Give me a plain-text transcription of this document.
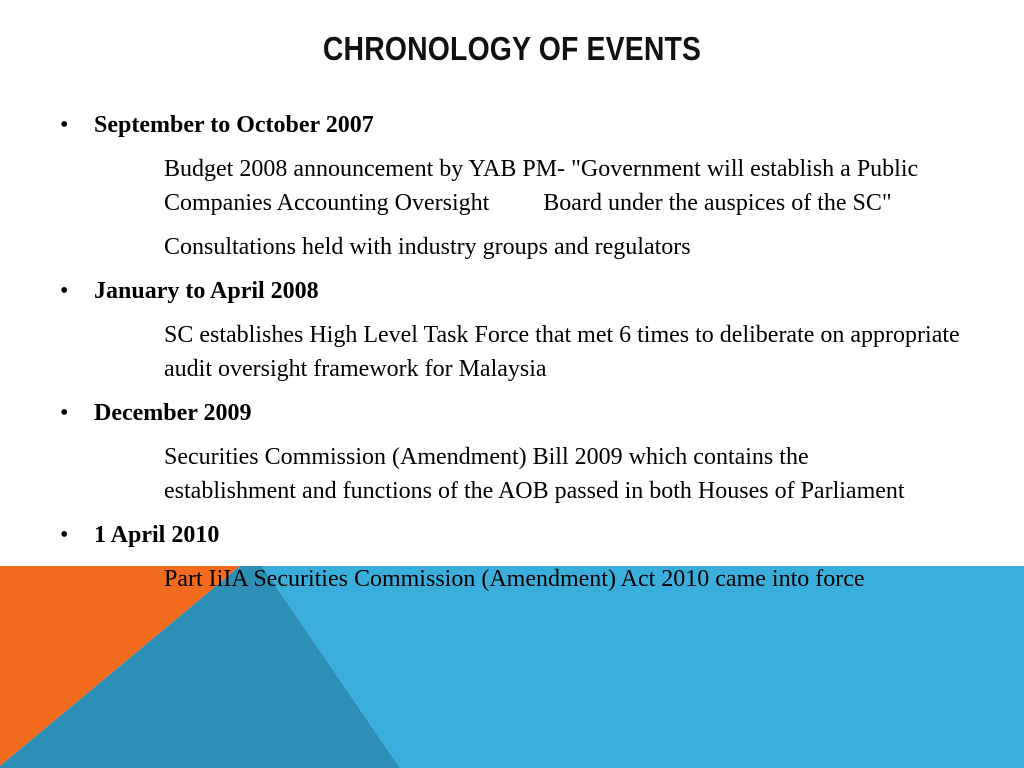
CHRONOLOGY OF EVENTS
•	September to October 2007
Budget 2008 announcement by YAB PM- "Government will establish a Public Companies Accounting Oversight   Board under the auspices of the SC"
Consultations held with industry groups and regulators
•	January to April 2008
SC establishes High Level Task Force that met 6 times to deliberate on appropriate audit oversight framework for Malaysia
•	December 2009
Securities Commission (Amendment) Bill 2009 which contains the   establishment and functions of the AOB passed in both Houses of Parliament
•	1 April 2010
Part IiIA Securities Commission (Amendment) Act 2010 came into force
